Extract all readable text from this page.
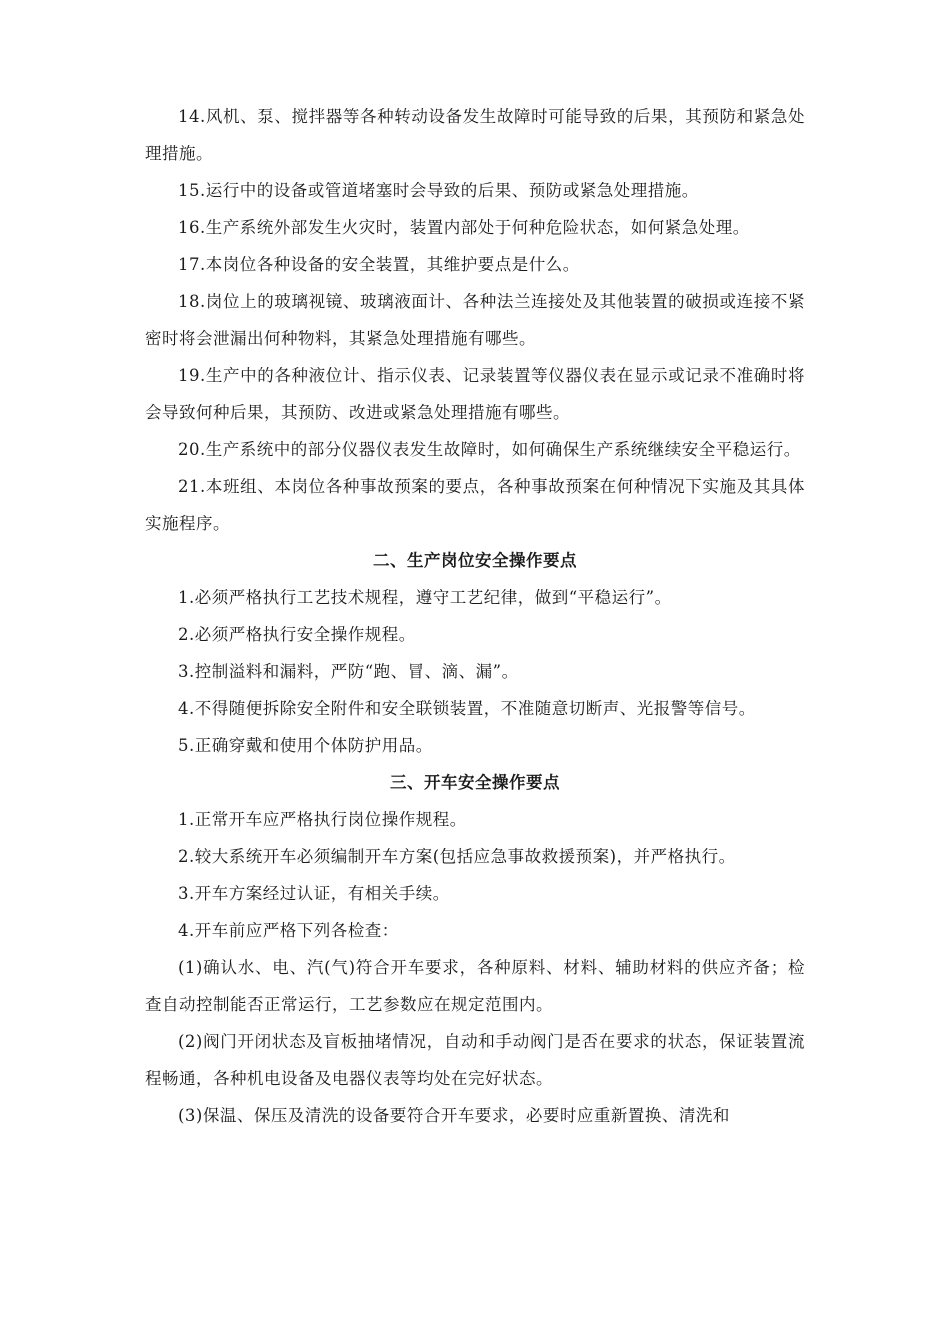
14.风机、泵、搅拌器等各种转动设备发生故障时可能导致的后果，其预防和紧急处理措施。

15.运行中的设备或管道堵塞时会导致的后果、预防或紧急处理措施。

16.生产系统外部发生火灾时，装置内部处于何种危险状态，如何紧急处理。

17.本岗位各种设备的安全装置，其维护要点是什么。

18.岗位上的玻璃视镜、玻璃液面计、各种法兰连接处及其他装置的破损或连接不紧密时将会泄漏出何种物料，其紧急处理措施有哪些。

19.生产中的各种液位计、指示仪表、记录装置等仪器仪表在显示或记录不准确时将会导致何种后果，其预防、改进或紧急处理措施有哪些。

20.生产系统中的部分仪器仪表发生故障时，如何确保生产系统继续安全平稳运行。

21.本班组、本岗位各种事故预案的要点，各种事故预案在何种情况下实施及其具体实施程序。

二、生产岗位安全操作要点

1.必须严格执行工艺技术规程，遵守工艺纪律，做到“平稳运行”。

2.必须严格执行安全操作规程。

3.控制溢料和漏料，严防“跑、冒、滴、漏”。

4.不得随便拆除安全附件和安全联锁装置，不准随意切断声、光报警等信号。

5.正确穿戴和使用个体防护用品。

三、开车安全操作要点

1.正常开车应严格执行岗位操作规程。

2.较大系统开车必须编制开车方案(包括应急事故救援预案)，并严格执行。

3.开车方案经过认证，有相关手续。

4.开车前应严格下列各检查：

(1)确认水、电、汽(气)符合开车要求，各种原料、材料、辅助材料的供应齐备；检查自动控制能否正常运行，工艺参数应在规定范围内。

(2)阀门开闭状态及盲板抽堵情况，自动和手动阀门是否在要求的状态，保证装置流程畅通，各种机电设备及电器仪表等均处在完好状态。

(3)保温、保压及清洗的设备要符合开车要求，必要时应重新置换、清洗和
